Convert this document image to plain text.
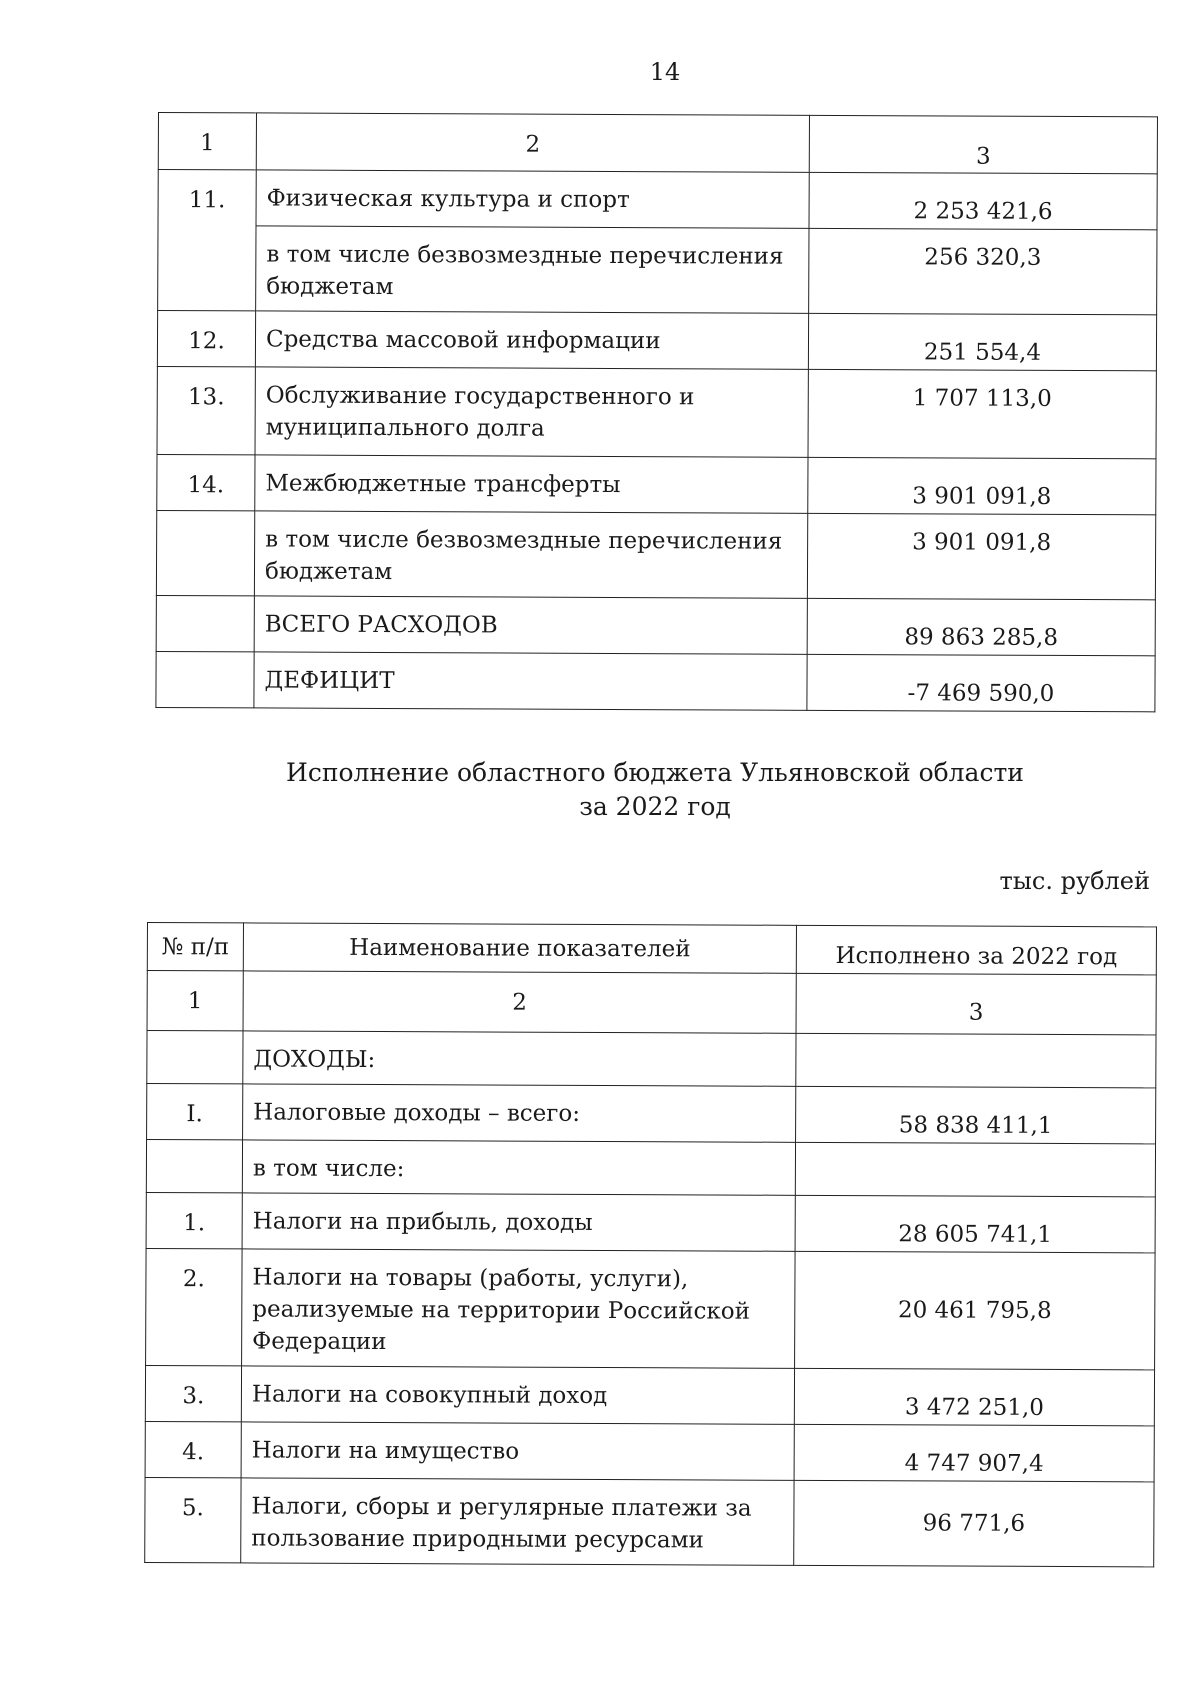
14
1	2	3
11.	Физическая культура и спорт	2 253 421,6
	в том числе безвозмездные перечисления бюджетам	256 320,3
12.	Средства массовой информации	251 554,4
13.	Обслуживание государственного и муниципального долга	1 707 113,0
14.	Межбюджетные трансферты	3 901 091,8
	в том числе безвозмездные перечисления бюджетам	3 901 091,8
	ВСЕГО РАСХОДОВ	89 863 285,8
	ДЕФИЦИТ	-7 469 590,0
Исполнение областного бюджета Ульяновской области
за 2022 год
тыс. рублей
№ п/п	Наименование показателей	Исполнено за 2022 год
1	2	3
	ДОХОДЫ:	
I.	Налоговые доходы – всего:	58 838 411,1
	в том числе:	
1.	Налоги на прибыль, доходы	28 605 741,1
2.	Налоги на товары (работы, услуги), реализуемые на территории Российской Федерации	20 461 795,8
3.	Налоги на совокупный доход	3 472 251,0
4.	Налоги на имущество	4 747 907,4
5.	Налоги, сборы и регулярные платежи за пользование природными ресурсами	96 771,6
